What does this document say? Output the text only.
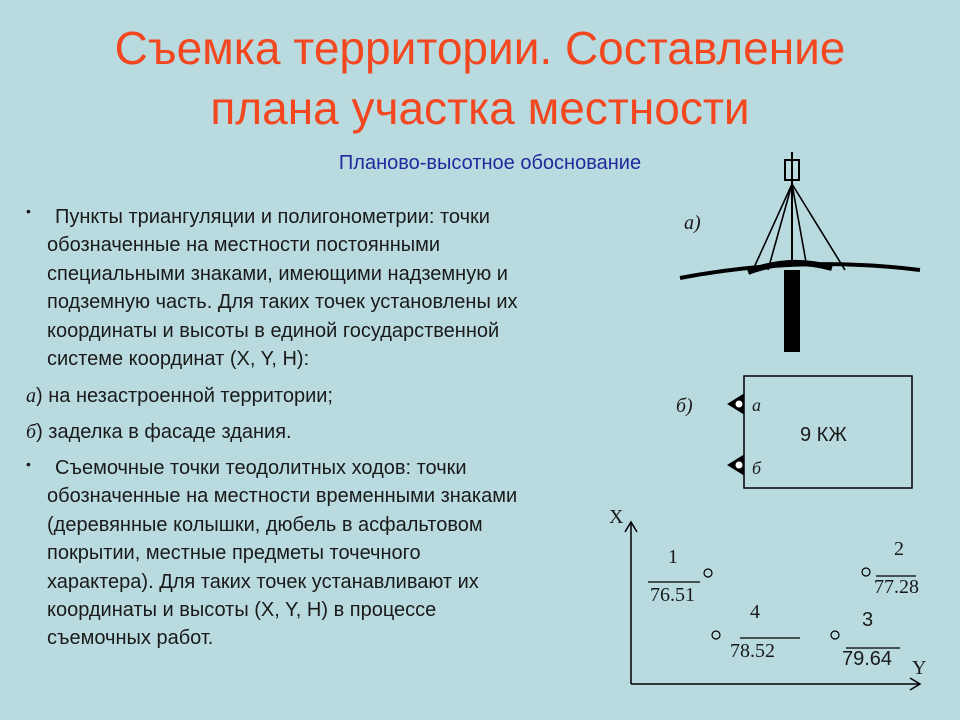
Съемка территории. Составление
плана участка местности
Планово-высотное обоснование
•	Пункты триангуляции и полигонометрии: точки
обозначенные на местности постоянными
специальными знаками, имеющими надземную и
подземную часть. Для таких точек установлены их
координаты и высоты в единой государственной
системе координат (X, Y, H):
а) на незастроенной территории;
б) заделка в фасаде здания.
•	Съемочные точки теодолитных ходов: точки
обозначенные на местности временными знаками
(деревянные колышки, дюбель в асфальтовом
покрытии, местные предметы точечного
характера). Для таких точек устанавливают их
координаты и высоты (X, Y, H) в процессе
съемочных работ.
а)
б)	а
б
9 КЖ
X
Y
1
76.51
2
77.28
3
79.64
4
78.52
